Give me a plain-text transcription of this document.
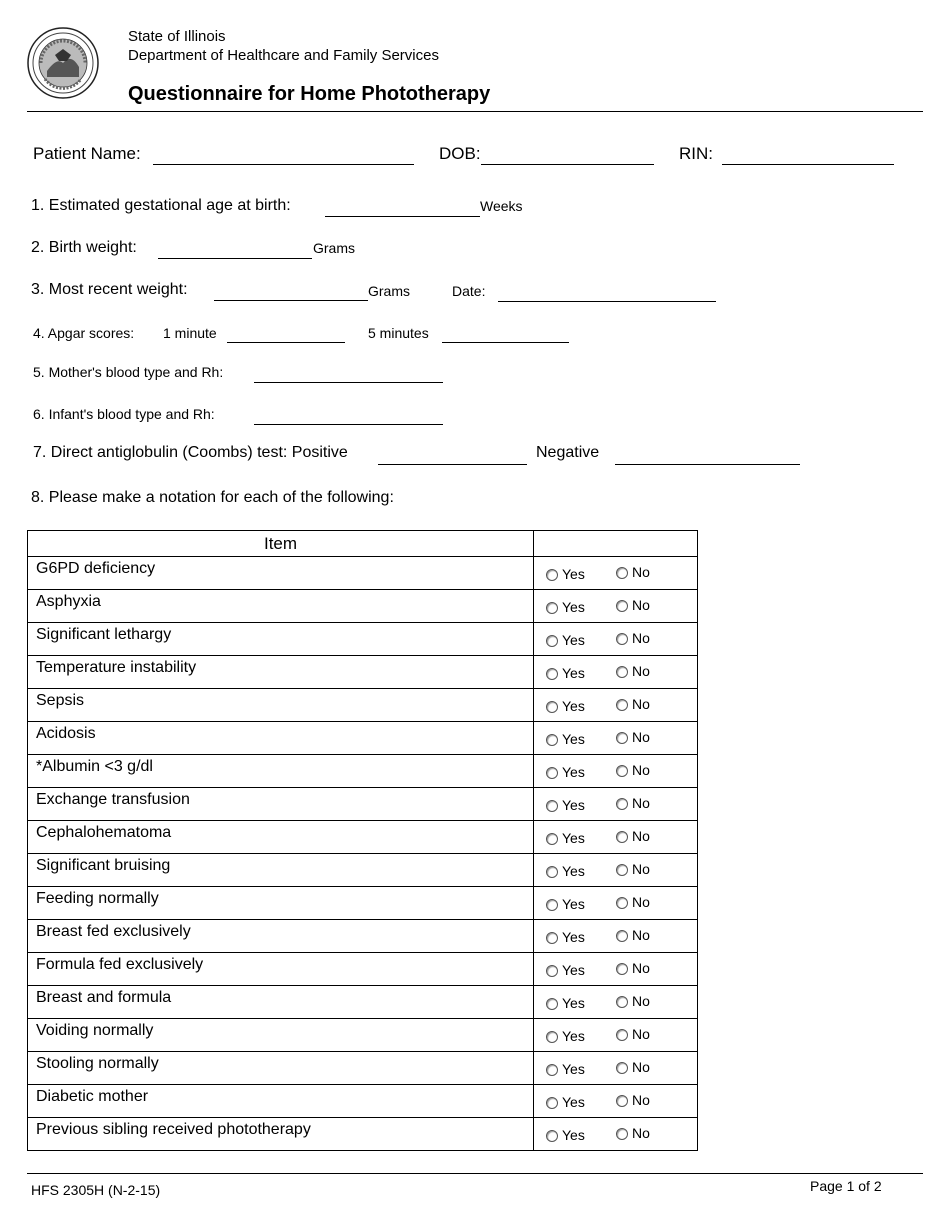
State of Illinois
Department of Healthcare and Family Services
Questionnaire for Home Phototherapy
Patient Name:	DOB:	RIN:
1. Estimated gestational age at birth:	Weeks
2. Birth weight:	Grams
3. Most recent weight:	Grams	Date:
4. Apgar scores: 1 minute	5 minutes
5. Mother's blood type and Rh:
6. Infant's blood type and Rh:
7. Direct antiglobulin (Coombs) test: Positive	Negative
8. Please make a notation for each of the following:
Item	
G6PD deficiency	Yes No

Asphyxia	Yes No

Significant lethargy	Yes No

Temperature instability	Yes No

Sepsis	Yes No

Acidosis	Yes No

*Albumin <3 g/dl	Yes No

Exchange transfusion	Yes No

Cephalohematoma	Yes No

Significant bruising	Yes No

Feeding normally	Yes No

Breast fed exclusively	Yes No

Formula fed exclusively	Yes No

Breast and formula	Yes No

Voiding normally	Yes No

Stooling normally	Yes No

Diabetic mother	Yes No

Previous sibling received phototherapy	Yes No
HFS 2305H (N-2-15)	Page 1 of 2
